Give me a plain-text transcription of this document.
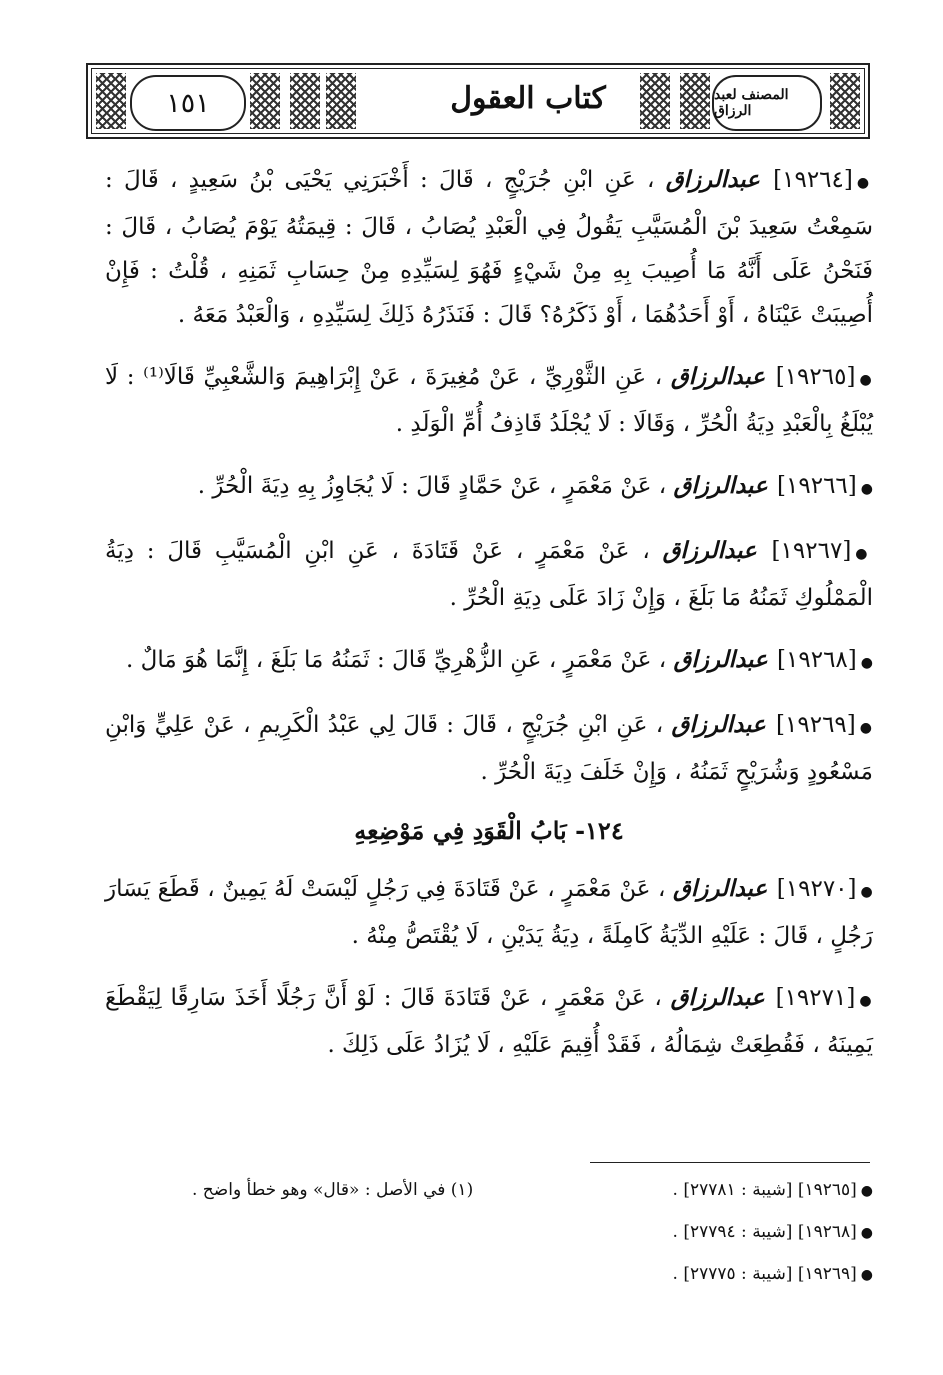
١٥١	كتاب العقول	المصنف لعبد الرزاق

●[١٩٢٦٤] عبدالرزاق ، عَنِ ابْنِ جُرَيْجٍ ، قَالَ : أَخْبَرَنِي يَحْيَى بْنُ سَعِيدٍ ، قَالَ : سَمِعْتُ سَعِيدَ بْنَ الْمُسَيَّبِ يَقُولُ فِي الْعَبْدِ يُصَابُ ، قَالَ : قِيمَتُهُ يَوْمَ يُصَابُ ، قَالَ : فَنَحْنُ عَلَى أَنَّهُ مَا أُصِيبَ بِهِ مِنْ شَيْءٍ فَهُوَ لِسَيِّدِهِ مِنْ حِسَابِ ثَمَنِهِ ، قُلْتُ : فَإِنْ أُصِيبَتْ عَيْنَاهُ ، أَوْ أَحَدُهُمَا ، أَوْ ذَكَرُهُ؟ قَالَ : فَنَذَرُهُ ذَلِكَ لِسَيِّدِهِ ، وَالْعَبْدُ مَعَهُ .

●[١٩٢٦٥] عبدالرزاق ، عَنِ الثَّوْرِيِّ ، عَنْ مُغِيرَةَ ، عَنْ إِبْرَاهِيمَ وَالشَّعْبِيِّ قَالَا⁽¹⁾ : لَا يُبْلَغُ بِالْعَبْدِ دِيَةُ الْحُرِّ ، وَقَالَا : لَا يُجْلَدُ قَاذِفُ أُمِّ الْوَلَدِ .

●[١٩٢٦٦] عبدالرزاق ، عَنْ مَعْمَرٍ ، عَنْ حَمَّادٍ قَالَ : لَا يُجَاوِزُ بِهِ دِيَةَ الْحُرِّ .

●[١٩٢٦٧] عبدالرزاق ، عَنْ مَعْمَرٍ ، عَنْ قَتَادَةَ ، عَنِ ابْنِ الْمُسَيَّبِ قَالَ : دِيَةُ الْمَمْلُوكِ ثَمَنُهُ مَا بَلَغَ ، وَإِنْ زَادَ عَلَى دِيَةِ الْحُرِّ .

●[١٩٢٦٨] عبدالرزاق ، عَنْ مَعْمَرٍ ، عَنِ الزُّهْرِيِّ قَالَ : ثَمَنُهُ مَا بَلَغَ ، إِنَّمَا هُوَ مَالٌ .

●[١٩٢٦٩] عبدالرزاق ، عَنِ ابْنِ جُرَيْجٍ ، قَالَ : قَالَ لِي عَبْدُ الْكَرِيمِ ، عَنْ عَلِيٍّ وَابْنِ مَسْعُودٍ وَشُرَيْحٍ ثَمَنُهُ ، وَإِنْ خَلَفَ دِيَةَ الْحُرِّ .

١٢٤- بَابُ الْقَوَدِ فِي مَوْضِعِهِ

●[١٩٢٧٠] عبدالرزاق ، عَنْ مَعْمَرٍ ، عَنْ قَتَادَةَ فِي رَجُلٍ لَيْسَتْ لَهُ يَمِينٌ ، قَطَعَ يَسَارَ رَجُلٍ ، قَالَ : عَلَيْهِ الدِّيَةُ كَامِلَةً ، دِيَةُ يَدَيْنِ ، لَا يُقْتَصُّ مِنْهُ .

●[١٩٢٧١] عبدالرزاق ، عَنْ مَعْمَرٍ ، عَنْ قَتَادَةَ قَالَ : لَوْ أَنَّ رَجُلًا أَخَذَ سَارِقًا لِيَقْطَعَ يَمِينَهُ ، فَقُطِعَتْ شِمَالُهُ ، فَقَدْ أُقِيمَ عَلَيْهِ ، لَا يُزَادُ عَلَى ذَلِكَ .

●[١٩٢٦٥] [شيبة : ٢٧٧٨١] .
●[١٩٢٦٨] [شيبة : ٢٧٧٩٤] .
●[١٩٢٦٩] [شيبة : ٢٧٧٧٥] .
(١) في الأصل : «قال» وهو خطأ واضح .
